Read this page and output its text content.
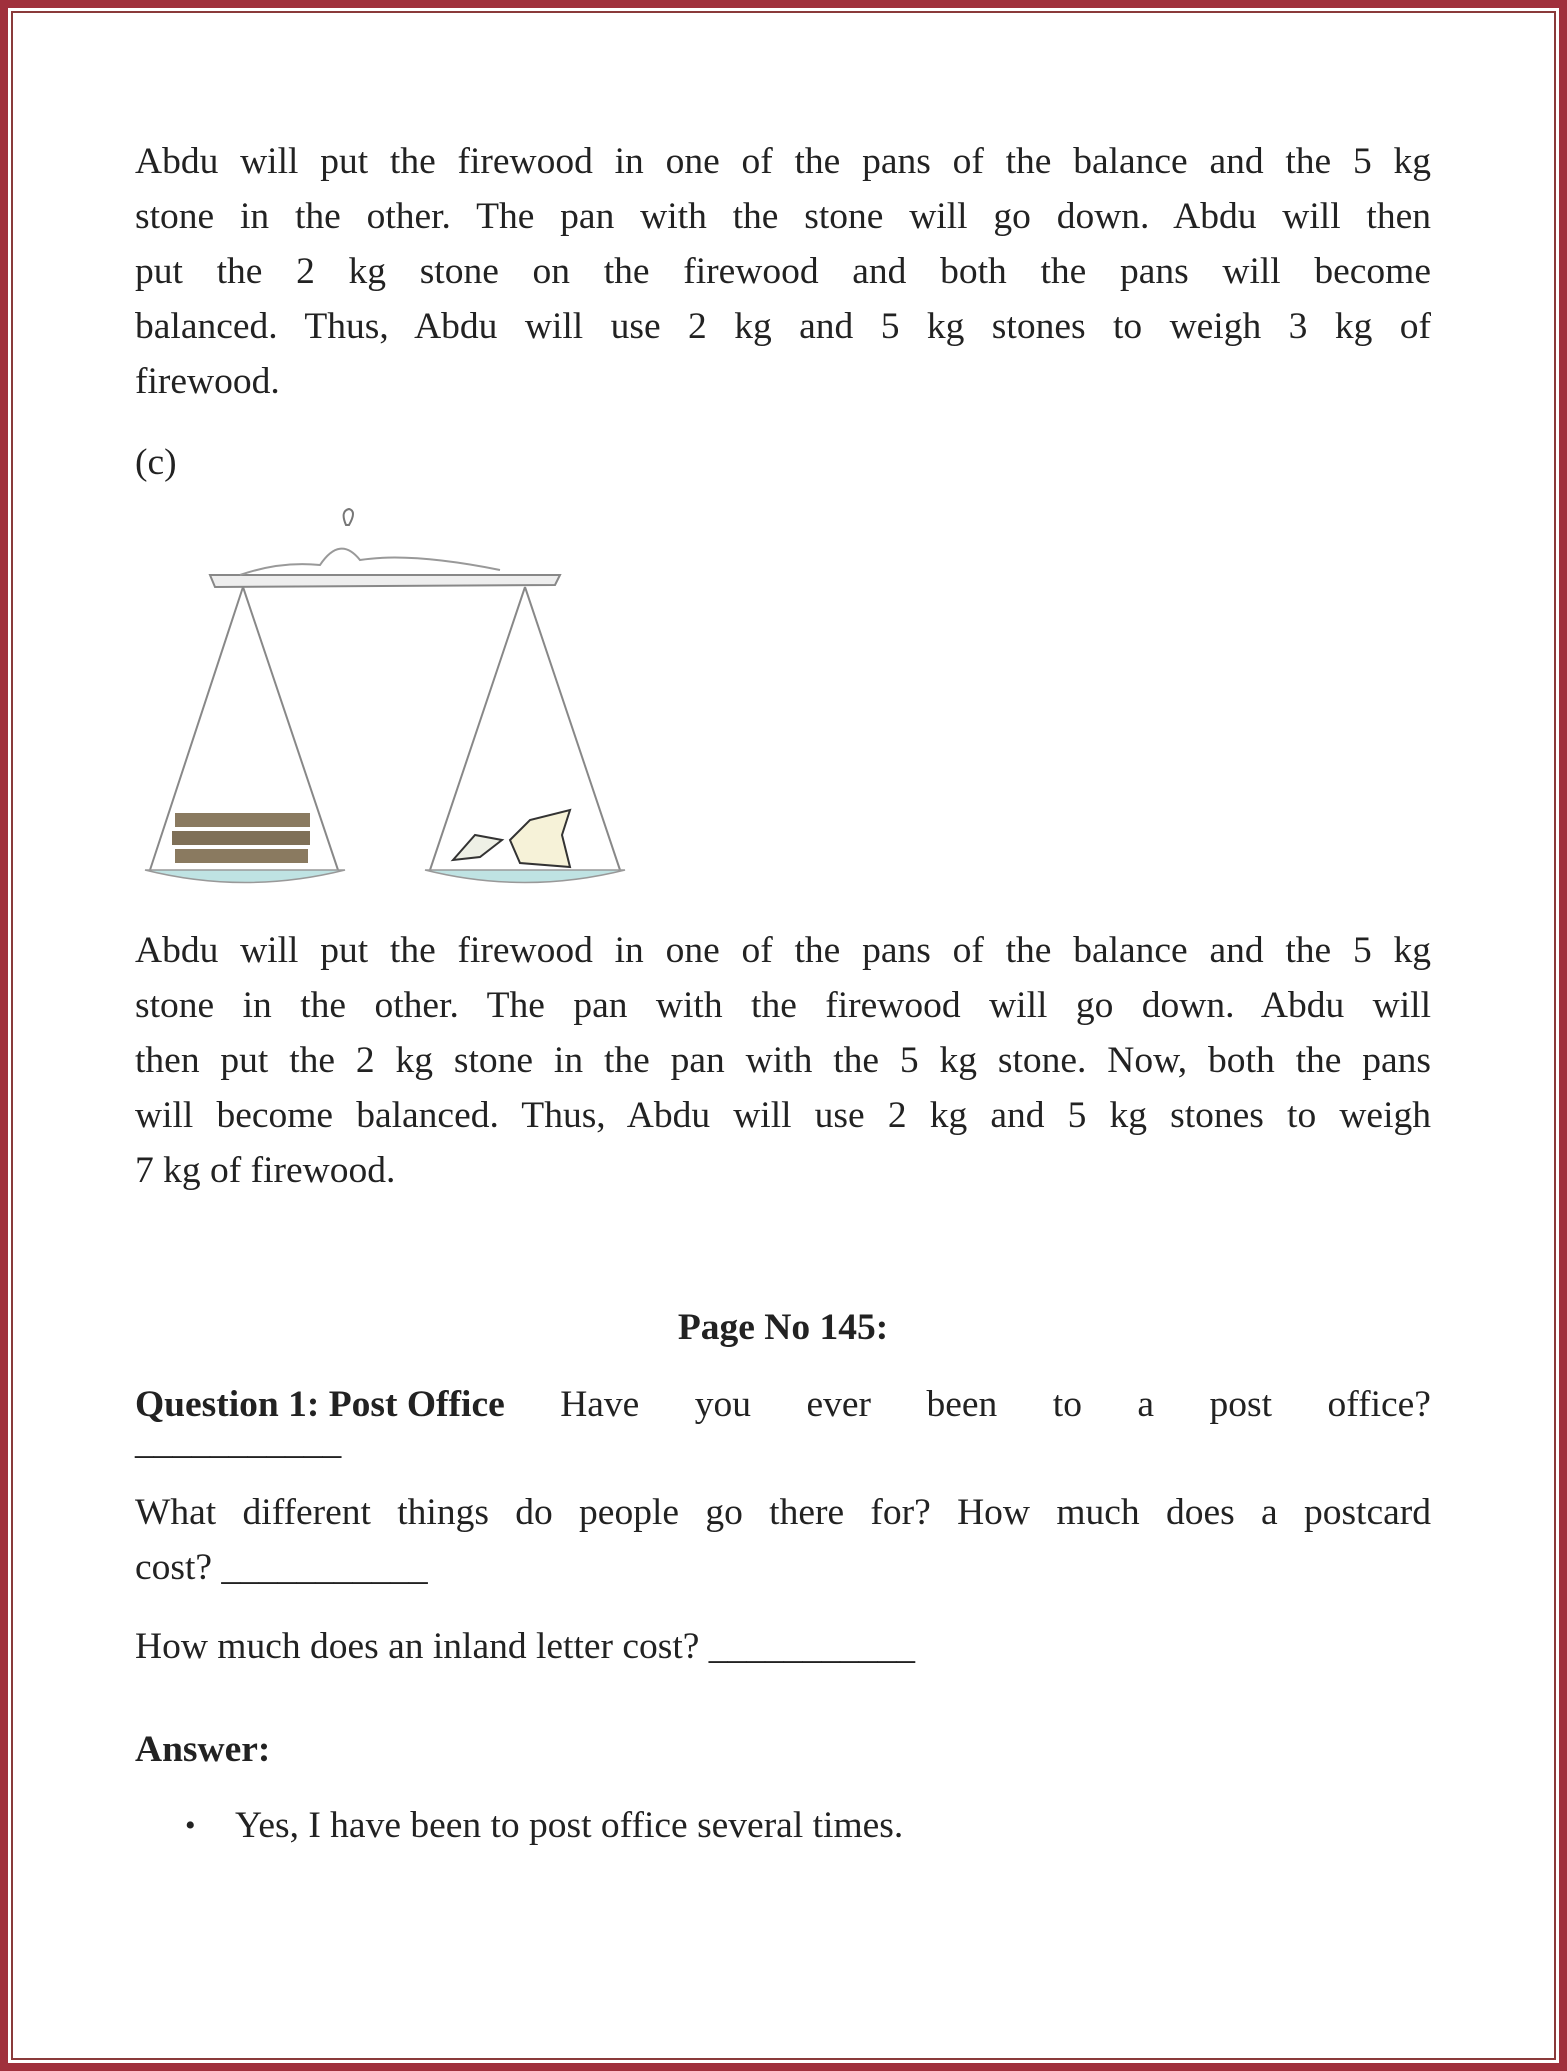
Abdu will put the firewood in one of the pans of the balance and the 5 kg
stone in the other. The pan with the stone will go down. Abdu will then
put the 2 kg stone on the firewood and both the pans will become
balanced. Thus, Abdu will use 2 kg and 5 kg stones to weigh 3 kg of
firewood.
(c)
Abdu will put the firewood in one of the pans of the balance and the 5 kg
stone in the other. The pan with the firewood will go down. Abdu will
then put the 2 kg stone in the pan with the 5 kg stone. Now, both the pans
will become balanced. Thus, Abdu will use 2 kg and 5 kg stones to weigh
7 kg of firewood.
Page No 145:
Question 1: Post Office Have you ever been to a post office?
___________
What different things do people go there for? How much does a postcard
cost? ___________
How much does an inland letter cost? ___________
Answer:
• Yes, I have been to post office several times.
